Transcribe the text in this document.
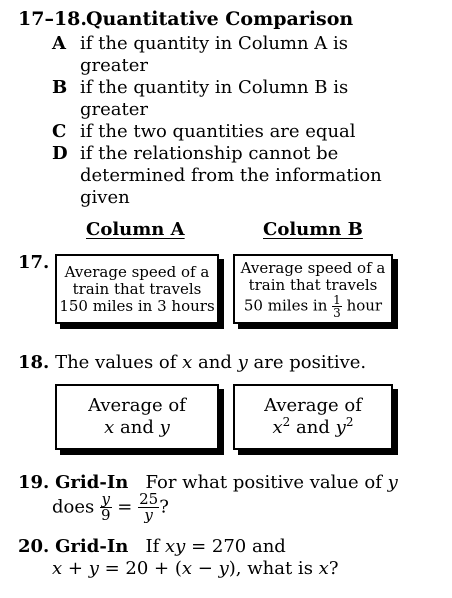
17–18. Quantitative Comparison
A if the quantity in Column A is
greater
B if the quantity in Column B is
greater
C if the two quantities are equal
D if the relationship cannot be
determined from the information
given
Column A	Column B
17.	Average speed of a
train that travels
150 miles in 3 hours
Average speed of a
train that travels
50 miles in $\frac{1}{3}$ hour
18. The values of x and y are positive.
Average of
x and y
Average of
$x^2$ and $y^2$
19. Grid-In For what positive value of y
does $\frac{y}{9} = \frac{25}{y}$ ?
20. Grid-In If xy = 270 and
x + y = 20 + (x − y), what is x?
